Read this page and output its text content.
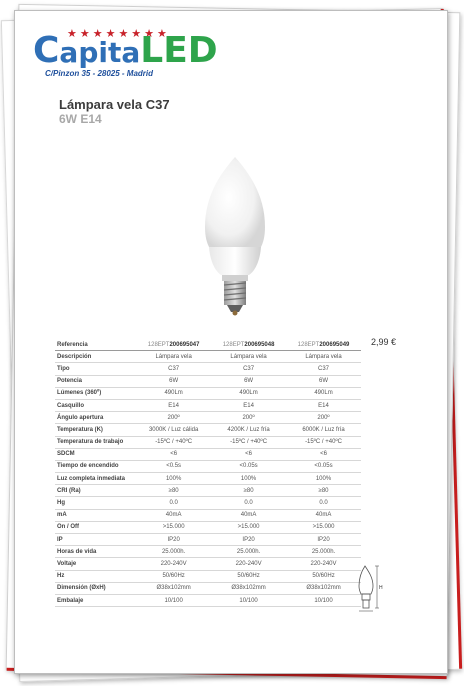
★★★★★★★★
CapitaLED
C/Pinzon 35 - 28025 - Madrid
Lámpara vela C37
6W E14
2,99 €
Referencia	128EPT200695047	128EPT200695048	128EPT200695049
Descripción	Lámpara vela	Lámpara vela	Lámpara vela
Tipo	C37	C37	C37
Potencia	6W	6W	6W
Lúmenes (360º)	490Lm	490Lm	490Lm
Casquillo	E14	E14	E14
Ángulo apertura	200º	200º	200º
Temperatura (K)	3000K / Luz cálida	4200K / Luz fría	6000K / Luz fría
Temperatura de trabajo	-15ºC / +40ºC	-15ºC / +40ºC	-15ºC / +40ºC
SDCM	<6	<6	<6
Tiempo de encendido	<0.5s	<0.05s	<0.05s
Luz completa inmediata	100%	100%	100%
CRI (Ra)	≥80	≥80	≥80
Hg	0.0	0.0	0.0
mA	40mA	40mA	40mA
On / Off	>15.000	>15.000	>15.000
IP	IP20	IP20	IP20
Horas de vida	25.000h.	25.000h.	25.000h.
Voltaje	220-240V	220-240V	220-240V
Hz	50/60Hz	50/60Hz	50/60Hz
Dimensión (ØxH)	Ø38x102mm	Ø38x102mm	Ø38x102mm
Embalaje	10/100	10/100	10/100
H
